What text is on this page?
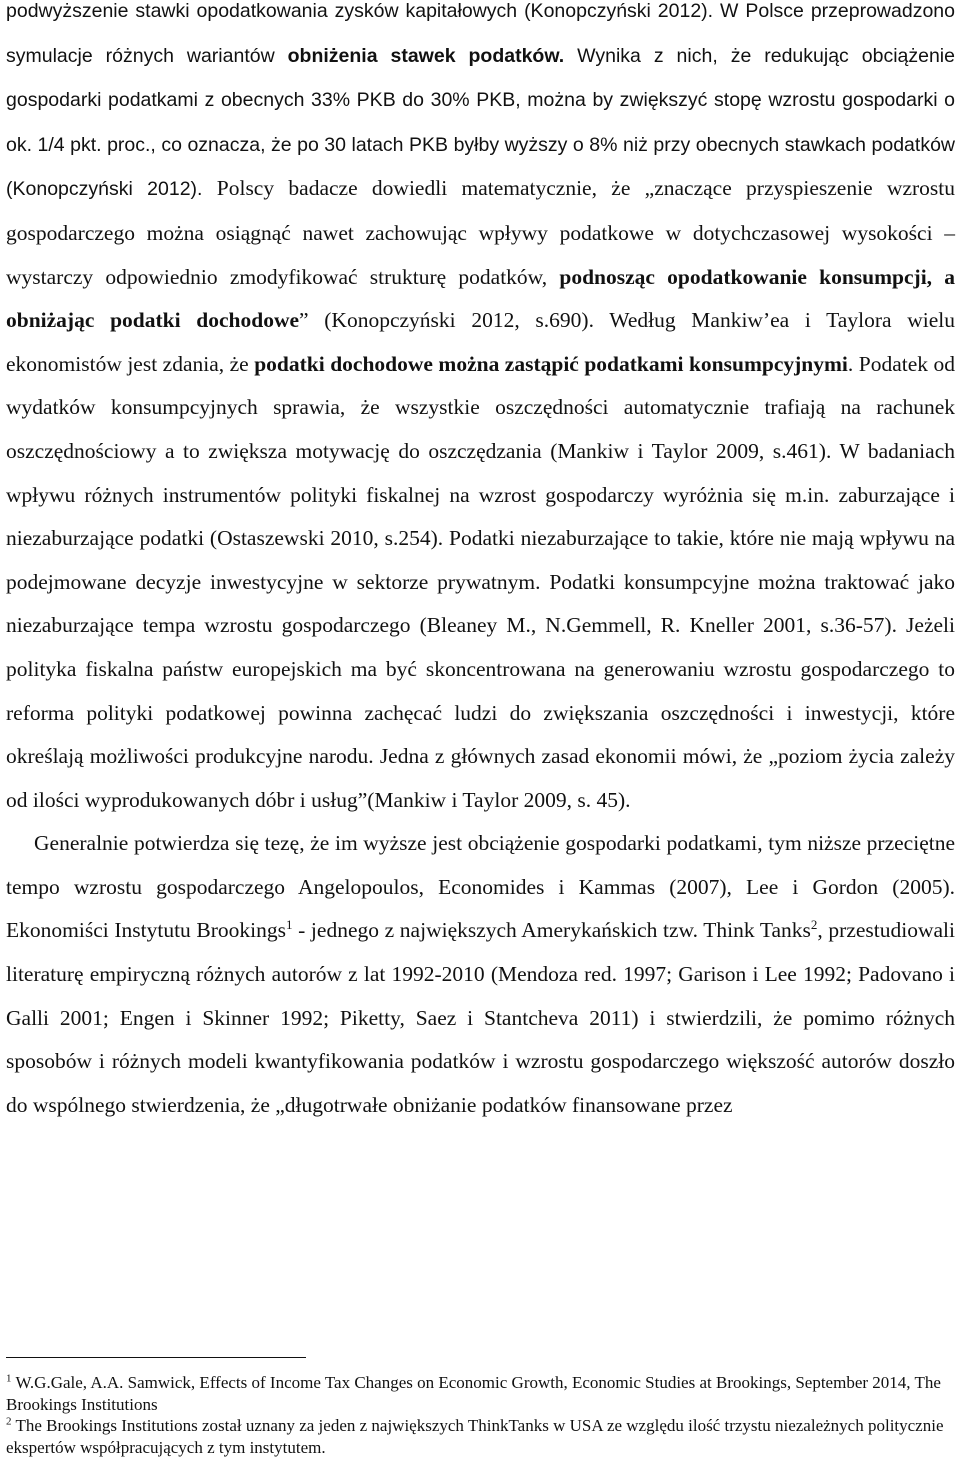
podwyższenie stawki opodatkowania zysków kapitałowych (Konopczyński 2012). W Polsce przeprowadzono symulacje różnych wariantów obniżenia stawek podatków. Wynika z nich, że redukując obciążenie gospodarki podatkami z obecnych 33% PKB do 30% PKB, można by zwiększyć stopę wzrostu gospodarki o ok. 1/4 pkt. proc., co oznacza, że po 30 latach PKB byłby wyższy o 8% niż przy obecnych stawkach podatków (Konopczyński 2012). Polscy badacze dowiedli matematycznie, że „znaczące przyspieszenie wzrostu gospodarczego można osiągnąć nawet zachowując wpływy podatkowe w dotychczasowej wysokości – wystarczy odpowiednio zmodyfikować strukturę podatków, podnosząc opodatkowanie konsumpcji, a obniżając podatki dochodowe” (Konopczyński 2012, s.690). Według Mankiw’ea i Taylora wielu ekonomistów jest zdania, że podatki dochodowe można zastąpić podatkami konsumpcyjnymi. Podatek od wydatków konsumpcyjnych sprawia, że wszystkie oszczędności automatycznie trafiają na rachunek oszczędnościowy a to zwiększa motywację do oszczędzania (Mankiw i Taylor 2009, s.461). W badaniach wpływu różnych instrumentów polityki fiskalnej na wzrost gospodarczy wyróżnia się m.in. zaburzające i niezaburzające podatki (Ostaszewski 2010, s.254). Podatki niezaburzające to takie, które nie mają wpływu na podejmowane decyzje inwestycyjne w sektorze prywatnym. Podatki konsumpcyjne można traktować jako niezaburzające tempa wzrostu gospodarczego (Bleaney M., N.Gemmell, R. Kneller 2001, s.36-57). Jeżeli polityka fiskalna państw europejskich ma być skoncentrowana na generowaniu wzrostu gospodarczego to reforma polityki podatkowej powinna zachęcać ludzi do zwiększania oszczędności i inwestycji, które określają możliwości produkcyjne narodu. Jedna z głównych zasad ekonomii mówi, że „poziom życia zależy od ilości wyprodukowanych dóbr i usług”(Mankiw i Taylor 2009, s. 45).

Generalnie potwierdza się tezę, że im wyższe jest obciążenie gospodarki podatkami, tym niższe przeciętne tempo wzrostu gospodarczego Angelopoulos, Economides i Kammas (2007), Lee i Gordon (2005). Ekonomiści Instytutu Brookings$^1$ - jednego z największych Amerykańskich tzw. Think Tanks$^2$, przestudiowali literaturę empiryczną różnych autorów z lat 1992-2010 (Mendoza red. 1997; Garison i Lee 1992; Padovano i Galli 2001; Engen i Skinner 1992; Piketty, Saez i Stantcheva 2011) i stwierdzili, że pomimo różnych sposobów i różnych modeli kwantyfikowania podatków i wzrostu gospodarczego większość autorów doszło do wspólnego stwierdzenia, że „długotrwałe obniżanie podatków finansowane przez

$^1$ W.G.Gale, A.A. Samwick, Effects of Income Tax Changes on Economic Growth, Economic Studies at Brookings, September 2014, The Brookings Institutions

$^2$ The Brookings Institutions został uznany za jeden z największych ThinkTanks w USA ze względu ilość trzystu niezależnych politycznie ekspertów współpracujących z tym instytutem.
